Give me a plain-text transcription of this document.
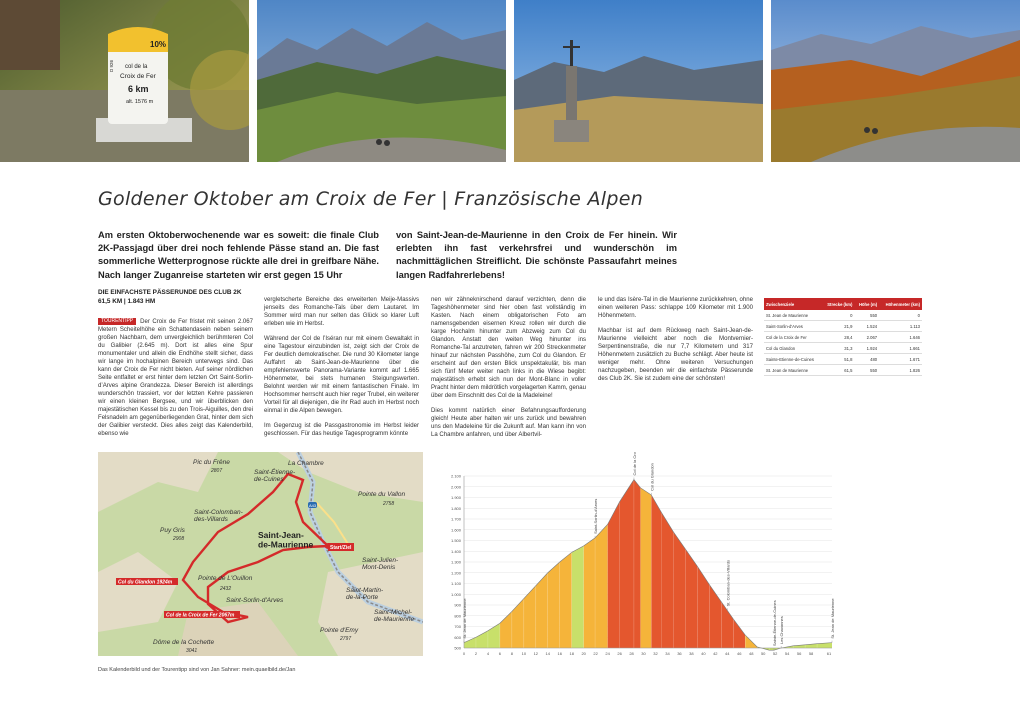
10%
col de la
Croix de Fer
6 km
alt. 1576 m
D 926
Goldener Oktober am Croix de Fer | Französische Alpen
Am ersten Oktoberwochenende war es soweit: die finale Club 2K-Passjagd über drei noch fehlende Pässe stand an. Die fast sommerliche Wetterprognose rückte alle drei in greifbare Nähe. Nach langer Zuganreise starteten wir erst gegen 15 Uhr
von Saint-Jean-de-Maurienne in den Croix de Fer hinein. Wir erlebten ihn fast verkehrsfrei und wunderschön im nachmittäglichen Streiflicht. Die schönste Passaufahrt meines langen Radfahrerlebens!
DIE EINFACHSTE PÄSSERUNDE DES CLUB 2K
61,5 KM | 1.843 HM

TOURENTIPP Der Croix de Fer fristet mit seinen 2.067 Metern Scheitelhöhe ein Schattendasein neben seinem großen Nachbarn, dem unvergleichlich berühmteren Col du Galibier (2.645 m). Dort ist alles eine Spur monumentaler und allein die Endhöhe stellt sicher, dass wir lange im hochalpinen Bereich unterwegs sind. Das kann der Croix de Fer nicht bieten. Auf seiner nördlichen Seite entfaltet er erst hinter dem letzten Ort Saint-Sorlin-d’Arves alpine Grandezza. Dieser Bereich ist allerdings wunderschön trassiert, vor der letzten Kehre passieren wir einen kleinen Bergsee, und wir überblicken den majestätischen Kessel bis zu den Trois-Aiguilles, den drei Felsnadeln am gegenüberliegenden Grat, hinter dem sich der Galibier versteckt. Dies alles zeigt das Kalenderbild, ebenso wie

vergletscherte Bereiche des erweiterten Meije-Massivs jenseits des Romanche-Tals über dem Lautaret. Im Sommer wird man nur selten das Glück so klarer Luft erleben wie im Herbst.

Während der Col de l’Iséran nur mit einem Gewaltakt in eine Tagestour einzubinden ist, zeigt sich der Croix de Fer deutlich demokratischer. Die rund 30 Kilometer lange Auffahrt ab Saint-Jean-de-Maurienne über die empfehlenswerte Panorama-Variante kommt auf 1.665 Höhenmeter, bei stets humanen Steigungswerten. Belohnt werden wir mit einem fantastischen Finale. Im Hochsommer herrscht auch hier reger Trubel, ein weiterer Vorteil für all diejenigen, die ihr Rad auch im Herbst noch einmal in die Alpen bewegen.

Im Gegenzug ist die Passgastronomie im Herbst leider geschlossen. Für das heutige Tagesprogramm könnte

nen wir zähneknirschend darauf verzichten, denn die Tageshöhenmeter sind hier oben fast vollständig im Kasten. Nach einem obligatorischen Foto am namensgebenden eisernen Kreuz rollen wir durch die karge Hochalm hinunter zum Abzweig zum Col du Glandon. Anstatt den weiten Weg hinunter ins Romanche-Tal anzutreten, fahren wir 200 Streckenmeter hinauf zur nächsten Passhöhe, zum Col du Glandon. Er erscheint auf den ersten Blick unspektakulär, bis man sich fünf Meter weiter nach links in die Wiese begibt: majestätisch erhebt sich nun der Mont-Blanc in voller Pracht hinter dem mildrötlich vorgelagerten Kamm, genau über dem Einschnitt des Col de la Madeleine!

Dies kommt natürlich einer Befahrungsaufforderung gleich! Heute aber halten wir uns zurück und bewahren uns den Madeleine für die Zukunft auf. Man kann ihn von La Chambre anfahren, und über Albertvil-

le und das Isère-Tal in die Maurienne zurückkehren, ohne einen weiteren Pass: schlappe 109 Kilometer mit 1.900 Höhenmetern.

Machbar ist auf dem Rückweg nach Saint-Jean-de-Maurienne vielleicht aber noch die Montvernier-Serpentinenstraße, die nur 7,7 Kilometern und 317 Höhenmetern zusätzlich zu Buche schlägt. Aber heute ist weniger mehr. Ohne weiteren Versuchungen nachzugeben, beenden wir die einfachste Pässerunde des Club 2K. Sie ist zudem eine der schönsten!

Zwischenziele	Strecke (km)	Höhe (m)	Höhenmeter (km)
St. Jean de Maurienne	0	550	0
Saint-Sorlin-d'Arves	21,9	1.524	1.113
Col de la Croix de Fer	28,4	2.067	1.646
Col du Glandon	31,3	1.924	1.661
Sainte-Etienne-de-Cuines	51,8	480	1.671
St. Jean de Maurienne	61,5	550	1.826
A43
Pic du Frêne
2807
La Chambre
Saint-Étienne-de-Cuines
Saint-Colomban-des-Villards
Puy Gris
2908
Pointe du Vallon
2758
Pointe de L'Ouillon
2432
Saint-Sorlin-d'Arves
Saint-Julien-Mont-Denis
Saint-Martin-de-la-Porte
Saint-Michel-de-Maurienne
Pointe d'Emy
2797
Dôme de la Cochette
3041
Saint-Jean-de-Maurienne	Start/Ziel
Col du Glandon 1924m
Col de la Croix de Fer 2067m
500
600
700
800
900
1.000
1.100
1.200
1.300
1.400
1.500
1.600
1.700
1.800
1.900
2.000
2.100
0 2 4 6 8 10 12 14 16 18 20 22 24 26 28 30 32 34 36 38 40 42 44 46 48 50 52 54 56 58	61
St. Jean de Maurienne
Saint-Sorlin-d'Arves
Col de la Croix de Fer
Col du Glandon
St. Colomban-des-Villards
Sainte-Étienne-de-Cuines Les Chavannes	St. Jean de Maurienne
Das Kalenderbild und der Tourentipp sind von Jan Sahner: mein.quaelbild.de/Jan
